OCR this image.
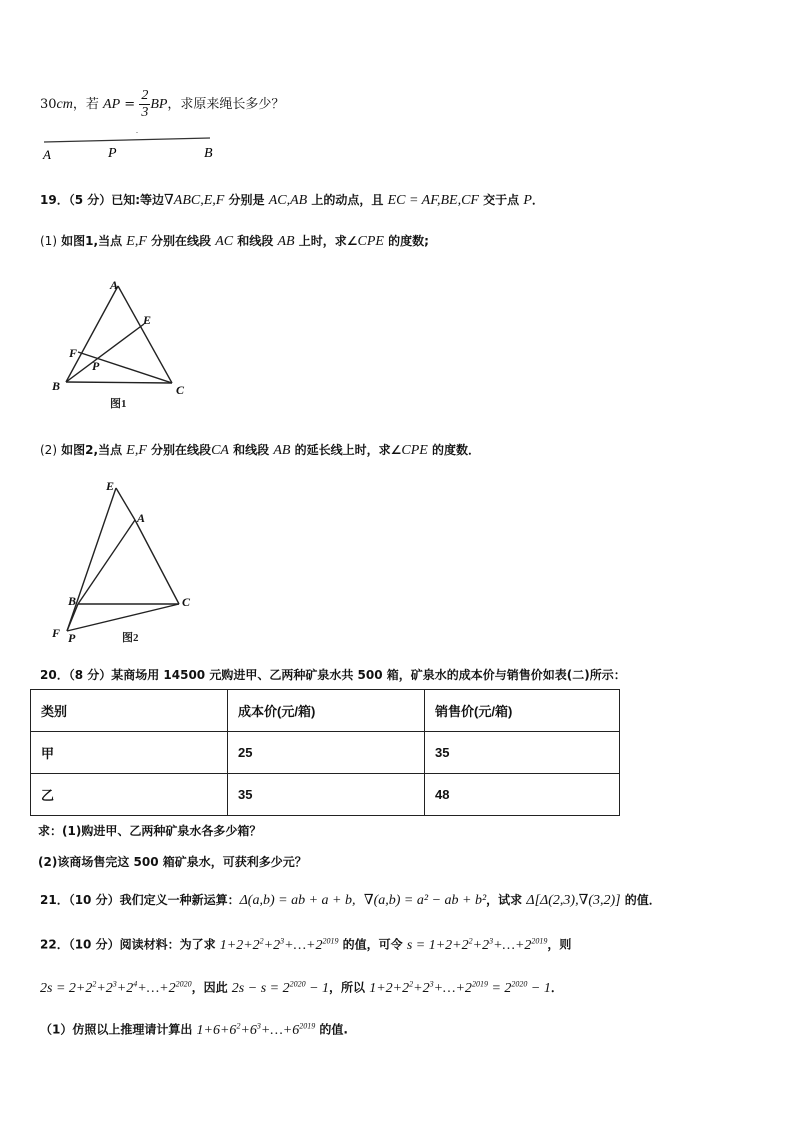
30cm，若 AP = $\frac{2}{3}$ BP，求原来绳长多少？
A	P	B
19．（5 分）已知:等边∇ABC,E,F 分别是 AC,AB 上的动点，且 EC = AF,BE,CF 交于点 P．
(1) 如图1,当点 E,F 分别在线段 AC 和线段 AB 上时，求∠CPE 的度数;
A
E
F
P
B	C
图1
(2) 如图2,当点 E,F 分别在线段CA 和线段 AB 的延长线上时，求∠CPE 的度数．
E
A
B	C
F P	图2
20．（8 分）某商场用 14500 元购进甲、乙两种矿泉水共 500 箱，矿泉水的成本价与销售价如表(二)所示：
类别	成本价(元/箱)	销售价(元/箱)
甲	25	35
乙	35	48
求：(1)购进甲、乙两种矿泉水各多少箱？
(2)该商场售完这 500 箱矿泉水，可获利多少元？
21．（10 分）我们定义一种新运算：Δ(a,b) = ab + a + b, ∇(a,b) = a² − ab + b²，试求 Δ[Δ(2,3),∇(3,2)] 的值．
22．（10 分）阅读材料：为了求 $1+2+2^2+2^3+\dots+2^{2019}$ 的值，可令 $s = 1+2+2^2+2^3+\dots+2^{2019}$，则
$2s = 2+2^2+2^3+2^4+\dots+2^{2020}$，因此 $2s - s = 2^{2020} - 1$，所以 $1+2+2^2+2^3+\dots+2^{2019} = 2^{2020} - 1$．
（1）仿照以上推理请计算出 $1+6+6^2+6^3+\dots+6^{2019}$ 的值.
